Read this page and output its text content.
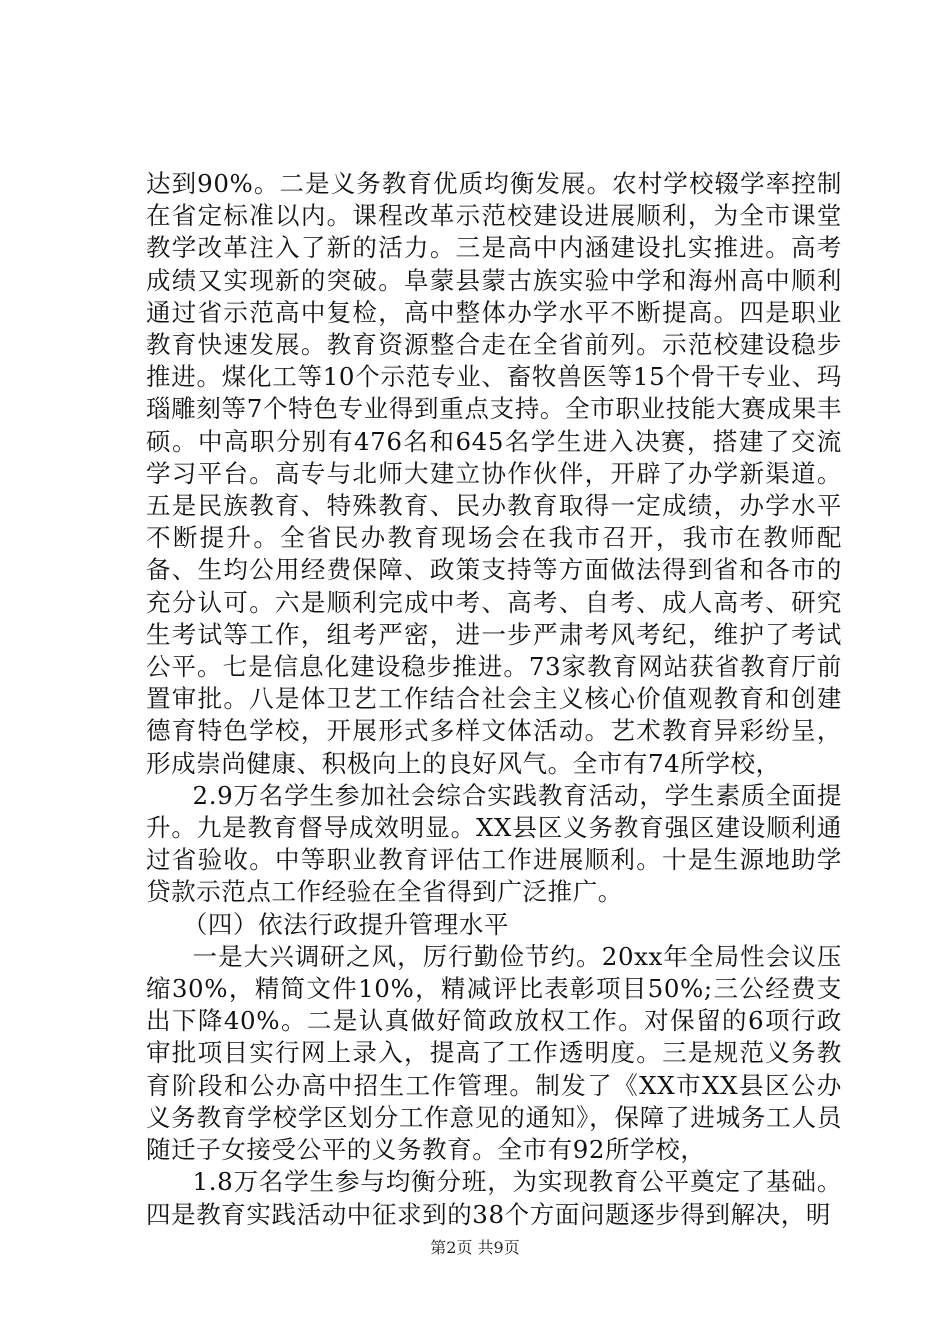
达到90%。二是义务教育优质均衡发展。农村学校辍学率控制在省定标准以内。课程改革示范校建设进展顺利，为全市课堂教学改革注入了新的活力。三是高中内涵建设扎实推进。高考成绩又实现新的突破。阜蒙县蒙古族实验中学和海州高中顺利通过省示范高中复检，高中整体办学水平不断提高。四是职业教育快速发展。教育资源整合走在全省前列。示范校建设稳步推进。煤化工等10个示范专业、畜牧兽医等15个骨干专业、玛瑙雕刻等7个特色专业得到重点支持。全市职业技能大赛成果丰硕。中高职分别有476名和645名学生进入决赛，搭建了交流学习平台。高专与北师大建立协作伙伴，开辟了办学新渠道。五是民族教育、特殊教育、民办教育取得一定成绩，办学水平不断提升。全省民办教育现场会在我市召开，我市在教师配备、生均公用经费保障、政策支持等方面做法得到省和各市的充分认可。六是顺利完成中考、高考、自考、成人高考、研究生考试等工作，组考严密，进一步严肃考风考纪，维护了考试公平。七是信息化建设稳步推进。73家教育网站获省教育厅前置审批。八是体卫艺工作结合社会主义核心价值观教育和创建德育特色学校，开展形式多样文体活动。艺术教育异彩纷呈，形成崇尚健康、积极向上的良好风气。全市有74所学校，

2.9万名学生参加社会综合实践教育活动，学生素质全面提升。九是教育督导成效明显。XX县区义务教育强区建设顺利通过省验收。中等职业教育评估工作进展顺利。十是生源地助学贷款示范点工作经验在全省得到广泛推广。

（四）依法行政提升管理水平

一是大兴调研之风，厉行勤俭节约。20xx年全局性会议压缩30%，精简文件10%，精减评比表彰项目50%;三公经费支出下降40%。二是认真做好简政放权工作。对保留的6项行政审批项目实行网上录入，提高了工作透明度。三是规范义务教育阶段和公办高中招生工作管理。制发了《XX市XX县区公办义务教育学校学区划分工作意见的通知》，保障了进城务工人员随迁子女接受公平的义务教育。全市有92所学校，

1.8万名学生参与均衡分班，为实现教育公平奠定了基础。四是教育实践活动中征求到的38个方面问题逐步得到解决，明

第2页 共9页
